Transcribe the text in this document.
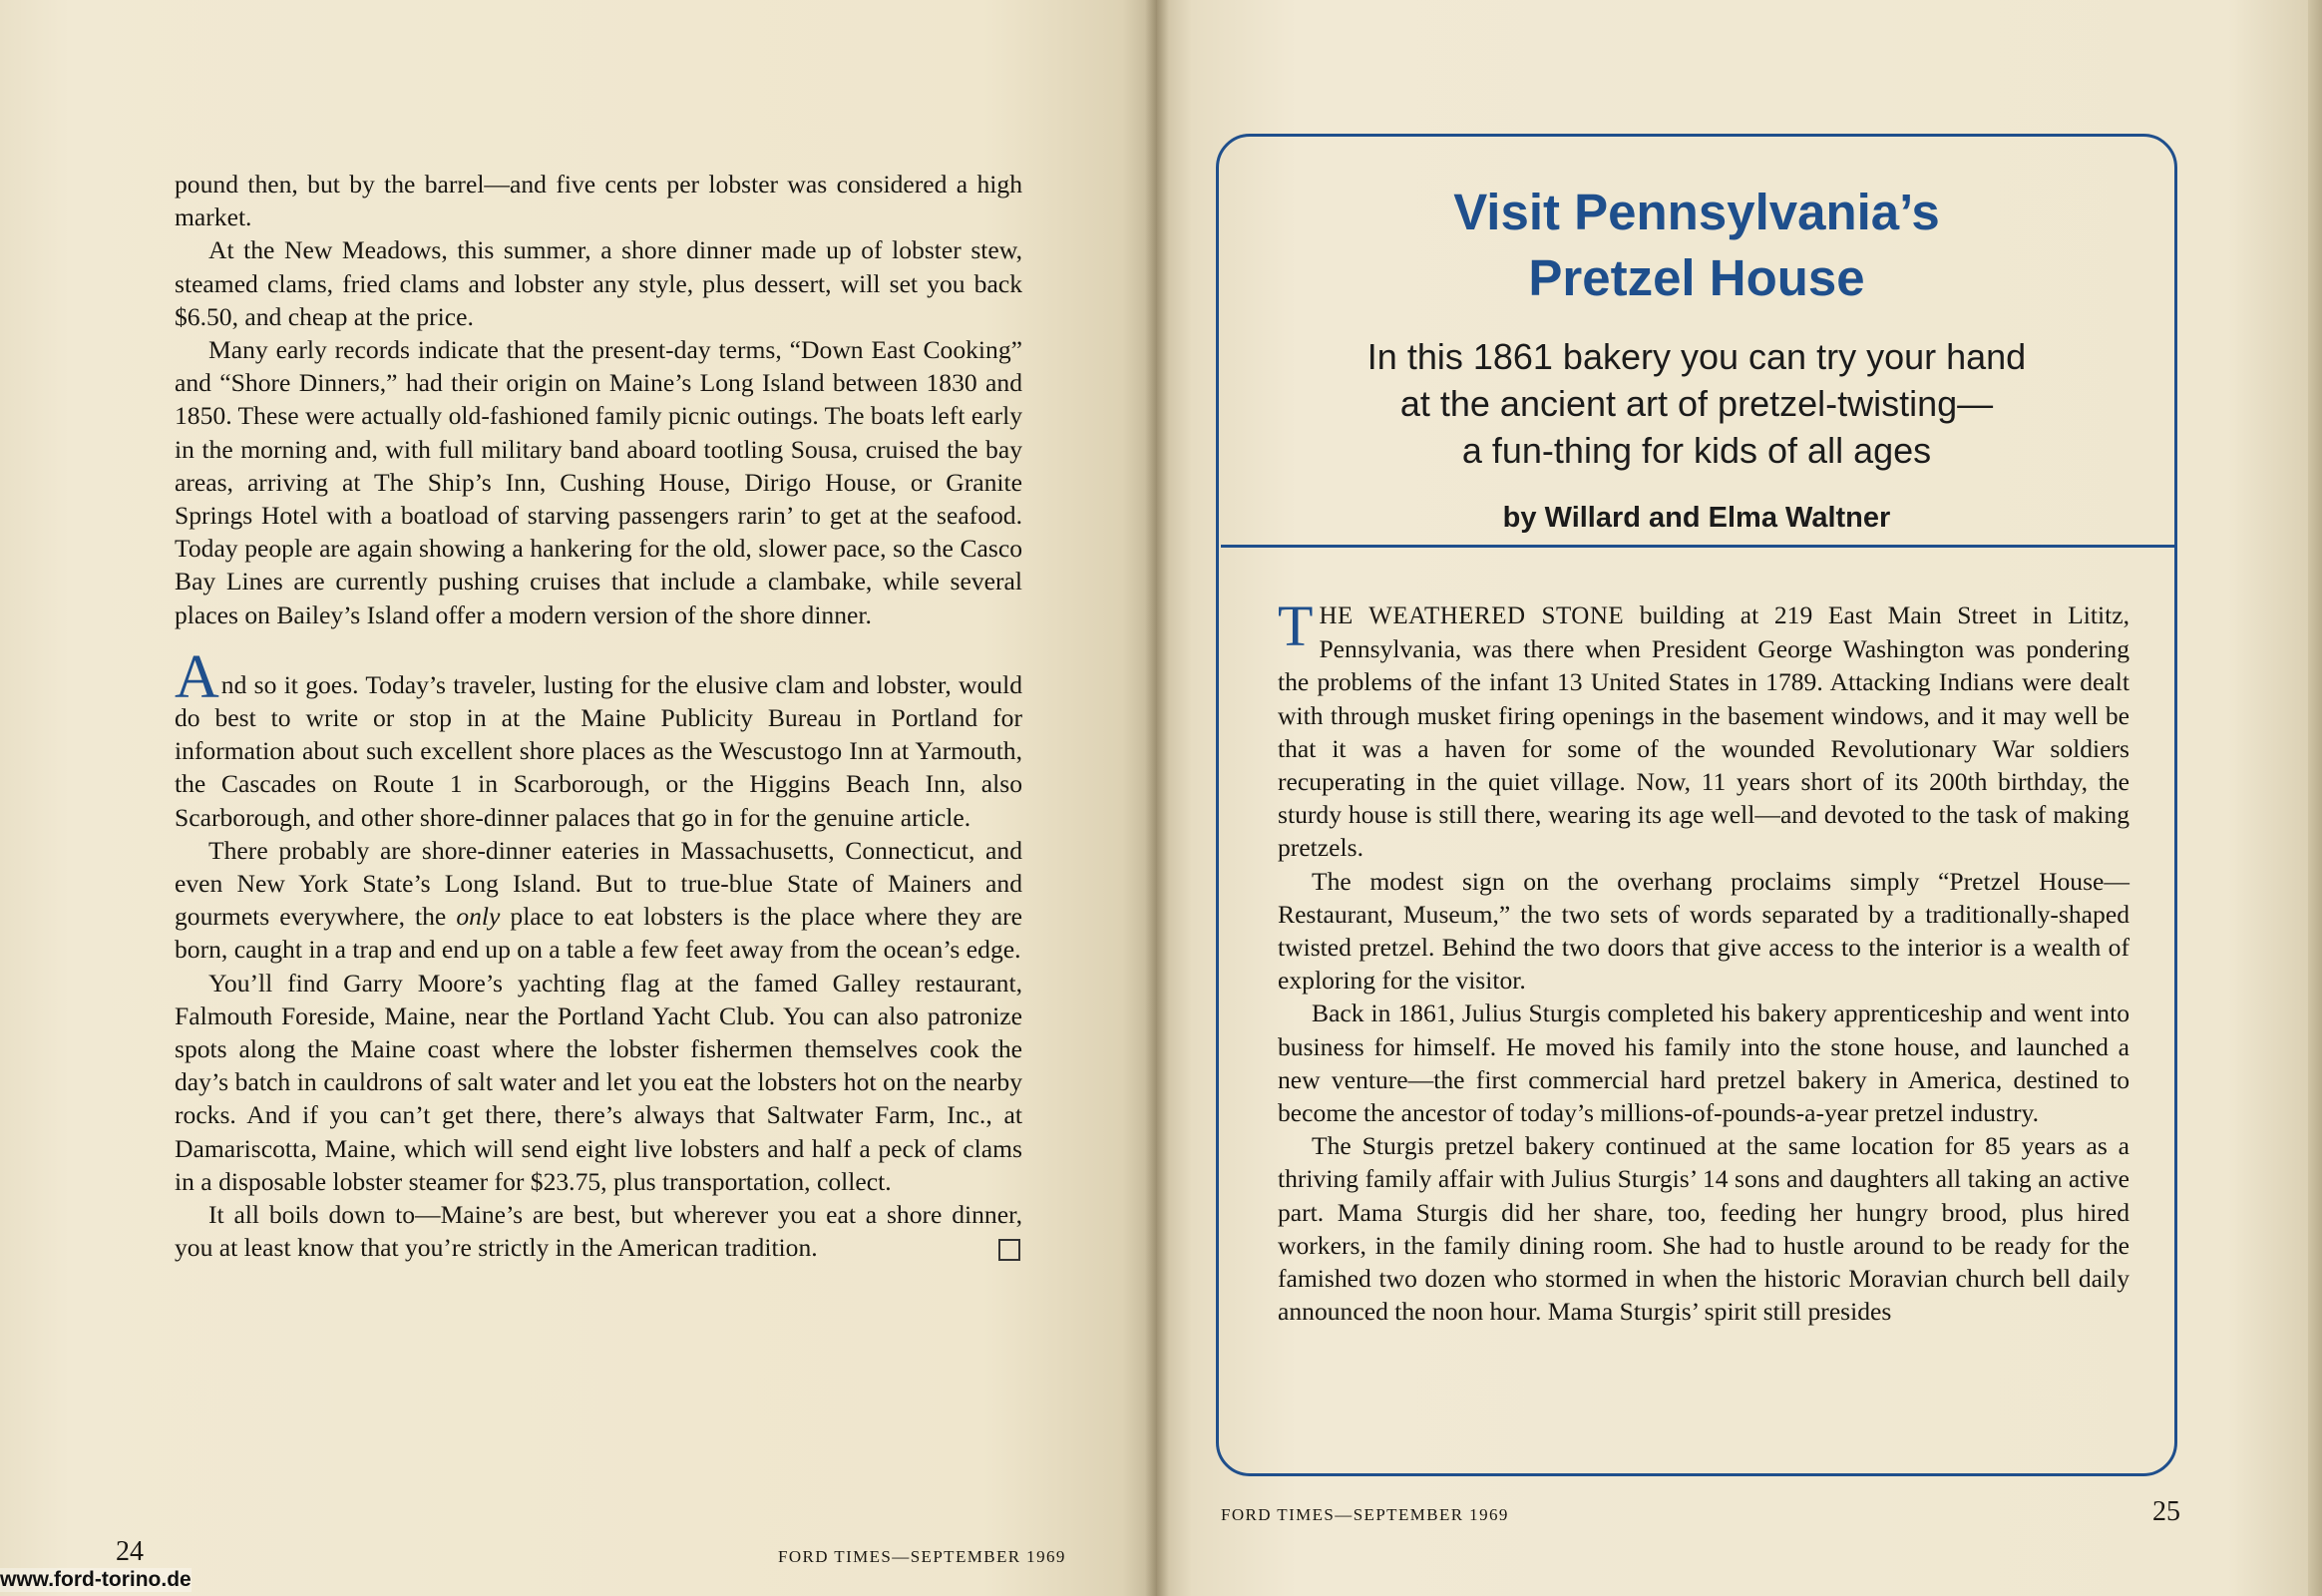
pound then, but by the barrel—and five cents per lobster was considered a high market.

At the New Meadows, this summer, a shore dinner made up of lobster stew, steamed clams, fried clams and lobster any style, plus dessert, will set you back $6.50, and cheap at the price.

Many early records indicate that the present-day terms, “Down East Cooking” and “Shore Dinners,” had their origin on Maine’s Long Island between 1830 and 1850. These were actually old-fashioned family picnic outings. The boats left early in the morning and, with full military band aboard tootling Sousa, cruised the bay areas, arriving at The Ship’s Inn, Cushing House, Dirigo House, or Granite Springs Hotel with a boatload of starving passengers rarin’ to get at the seafood. Today people are again showing a hankering for the old, slower pace, so the Casco Bay Lines are currently pushing cruises that include a clambake, while several places on Bailey’s Island offer a modern version of the shore dinner.

And so it goes. Today’s traveler, lusting for the elusive clam and lobster, would do best to write or stop in at the Maine Publicity Bureau in Portland for information about such excellent shore places as the Wescustogo Inn at Yarmouth, the Cascades on Route 1 in Scarborough, or the Higgins Beach Inn, also Scarborough, and other shore-dinner palaces that go in for the genuine article.

There probably are shore-dinner eateries in Massachusetts, Connecticut, and even New York State’s Long Island. But to true-blue State of Mainers and gourmets everywhere, the only place to eat lobsters is the place where they are born, caught in a trap and end up on a table a few feet away from the ocean’s edge.

You’ll find Garry Moore’s yachting flag at the famed Galley restaurant, Falmouth Foreside, Maine, near the Portland Yacht Club. You can also patronize spots along the Maine coast where the lobster fishermen themselves cook the day’s batch in cauldrons of salt water and let you eat the lobsters hot on the nearby rocks. And if you can’t get there, there’s always that Saltwater Farm, Inc., at Damariscotta, Maine, which will send eight live lobsters and half a peck of clams in a disposable lobster steamer for $23.75, plus transportation, collect.

It all boils down to—Maine’s are best, but wherever you eat a shore dinner, you at least know that you’re strictly in the American tradition.

24	FORD TIMES—SEPTEMBER 1969
www.ford-torino.de

Visit Pennsylvania’s
Pretzel House

In this 1861 bakery you can try your hand
at the ancient art of pretzel-twisting—
a fun-thing for kids of all ages

by Willard and Elma Waltner

THE WEATHERED STONE building at 219 East Main Street in Lititz, Pennsylvania, was there when President George Washington was pondering the problems of the infant 13 United States in 1789. Attacking Indians were dealt with through musket firing openings in the basement windows, and it may well be that it was a haven for some of the wounded Revolutionary War soldiers recuperating in the quiet village. Now, 11 years short of its 200th birthday, the sturdy house is still there, wearing its age well—and devoted to the task of making pretzels.

The modest sign on the overhang proclaims simply “Pretzel House—Restaurant, Museum,” the two sets of words separated by a traditionally-shaped twisted pretzel. Behind the two doors that give access to the interior is a wealth of exploring for the visitor.

Back in 1861, Julius Sturgis completed his bakery apprenticeship and went into business for himself. He moved his family into the stone house, and launched a new venture—the first commercial hard pretzel bakery in America, destined to become the ancestor of today’s millions-of-pounds-a-year pretzel industry.

The Sturgis pretzel bakery continued at the same location for 85 years as a thriving family affair with Julius Sturgis’ 14 sons and daughters all taking an active part. Mama Sturgis did her share, too, feeding her hungry brood, plus hired workers, in the family dining room. She had to hustle around to be ready for the famished two dozen who stormed in when the historic Moravian church bell daily announced the noon hour. Mama Sturgis’ spirit still presides

FORD TIMES—SEPTEMBER 1969	25
